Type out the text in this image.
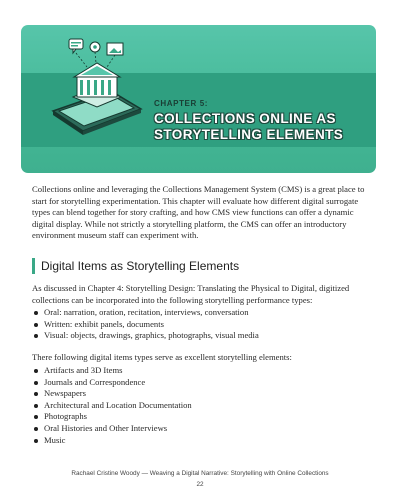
CHAPTER 5:
COLLECTIONS ONLINE AS STORYTELLING ELEMENTS

Collections online and leveraging the Collections Management System (CMS) is a great place to start for storytelling experimentation. This chapter will evaluate how different digital surrogate types can blend together for story crafting, and how CMS view functions can offer a dynamic digital display. While not strictly a storytelling platform, the CMS can offer an introductory environment museum staff can experiment with.

Digital Items as Storytelling Elements

As discussed in Chapter 4: Storytelling Design: Translating the Physical to Digital, digitized collections can be incorporated into the following storytelling performance types:

Oral: narration, oration, recitation, interviews, conversation
Written: exhibit panels, documents
Visual: objects, drawings, graphics, photographs, visual media

There following digital items types serve as excellent storytelling elements:

Artifacts and 3D Items
Journals and Correspondence
Newspapers
Architectural and Location Documentation
Photographs
Oral Histories and Other Interviews
Music
Rachael Cristine Woody — Weaving a Digital Narrative: Storytelling with Online Collections
22
